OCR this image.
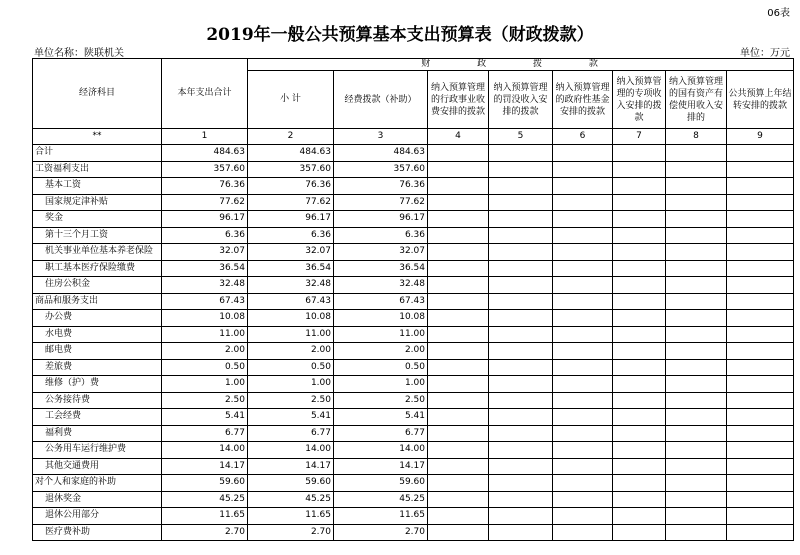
06表
2019年一般公共预算基本支出预算表（财政拨款）
单位名称：陕联机关	单位：万元
经济科目	本年支出合计	财 政 拨 款							
		小 计	经费拨款（补助）	纳入预算管理的行政事业收费安排的拨款	纳入预算管理的罚没收入安排的拨款	纳入预算管理的政府性基金安排的拨款	纳入预算管理的专项收入安排的拨款	纳入预算管理的国有资产有偿使用收入安排的	公共预算上年结转安排的拨款
**	1	2	3	4	5	6	7	8	9
合计	484.63	484.63	484.63						
工资福利支出	357.60	357.60	357.60						
基本工资	76.36	76.36	76.36						
国家规定津补贴	77.62	77.62	77.62						
奖金	96.17	96.17	96.17						
第十三个月工资	6.36	6.36	6.36						
机关事业单位基本养老保险	32.07	32.07	32.07						
职工基本医疗保险缴费	36.54	36.54	36.54						
住房公积金	32.48	32.48	32.48						
商品和服务支出	67.43	67.43	67.43						
办公费	10.08	10.08	10.08						
水电费	11.00	11.00	11.00						
邮电费	2.00	2.00	2.00						
差旅费	0.50	0.50	0.50						
维修（护）费	1.00	1.00	1.00						
公务接待费	2.50	2.50	2.50						
工会经费	5.41	5.41	5.41						
福利费	6.77	6.77	6.77						
公务用车运行维护费	14.00	14.00	14.00						
其他交通费用	14.17	14.17	14.17						
对个人和家庭的补助	59.60	59.60	59.60						
退休奖金	45.25	45.25	45.25						
退休公用部分	11.65	11.65	11.65						
医疗费补助	2.70	2.70	2.70						
